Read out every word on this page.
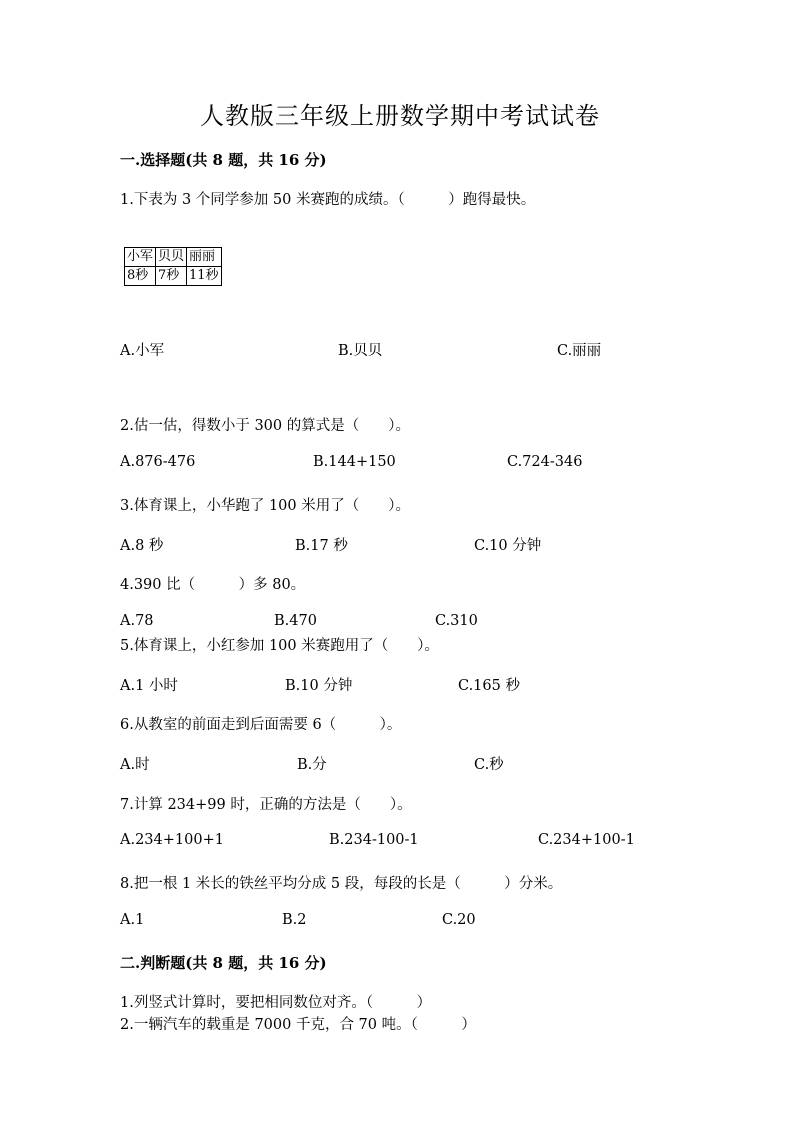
人教版三年级上册数学期中考试试卷
一.选择题(共 8 题，共 16 分)
1.下表为 3 个同学参加 50 米赛跑的成绩。（　　　）跑得最快。
小军	贝贝	丽丽
8秒	7秒	11秒
A.小军	B.贝贝	C.丽丽
2.估一估，得数小于 300 的算式是（　　）。
A.876-476	B.144+150	C.724-346
3.体育课上，小华跑了 100 米用了（　　）。
A.8 秒	B.17 秒	C.10 分钟
4.390 比（　　　）多 80。
A.78	B.470	C.310
5.体育课上，小红参加 100 米赛跑用了（　　）。
A.1 小时	B.10 分钟	C.165 秒
6.从教室的前面走到后面需要 6（　　　）。
A.时	B.分	C.秒
7.计算 234+99 时，正确的方法是（　　）。
A.234+100+1	B.234-100-1	C.234+100-1
8.把一根 1 米长的铁丝平均分成 5 段，每段的长是（　　　）分米。
A.1	B.2	C.20
二.判断题(共 8 题，共 16 分)
1.列竖式计算时，要把相同数位对齐。（　　　）
2.一辆汽车的载重是 7000 千克，合 70 吨。（　　　）
